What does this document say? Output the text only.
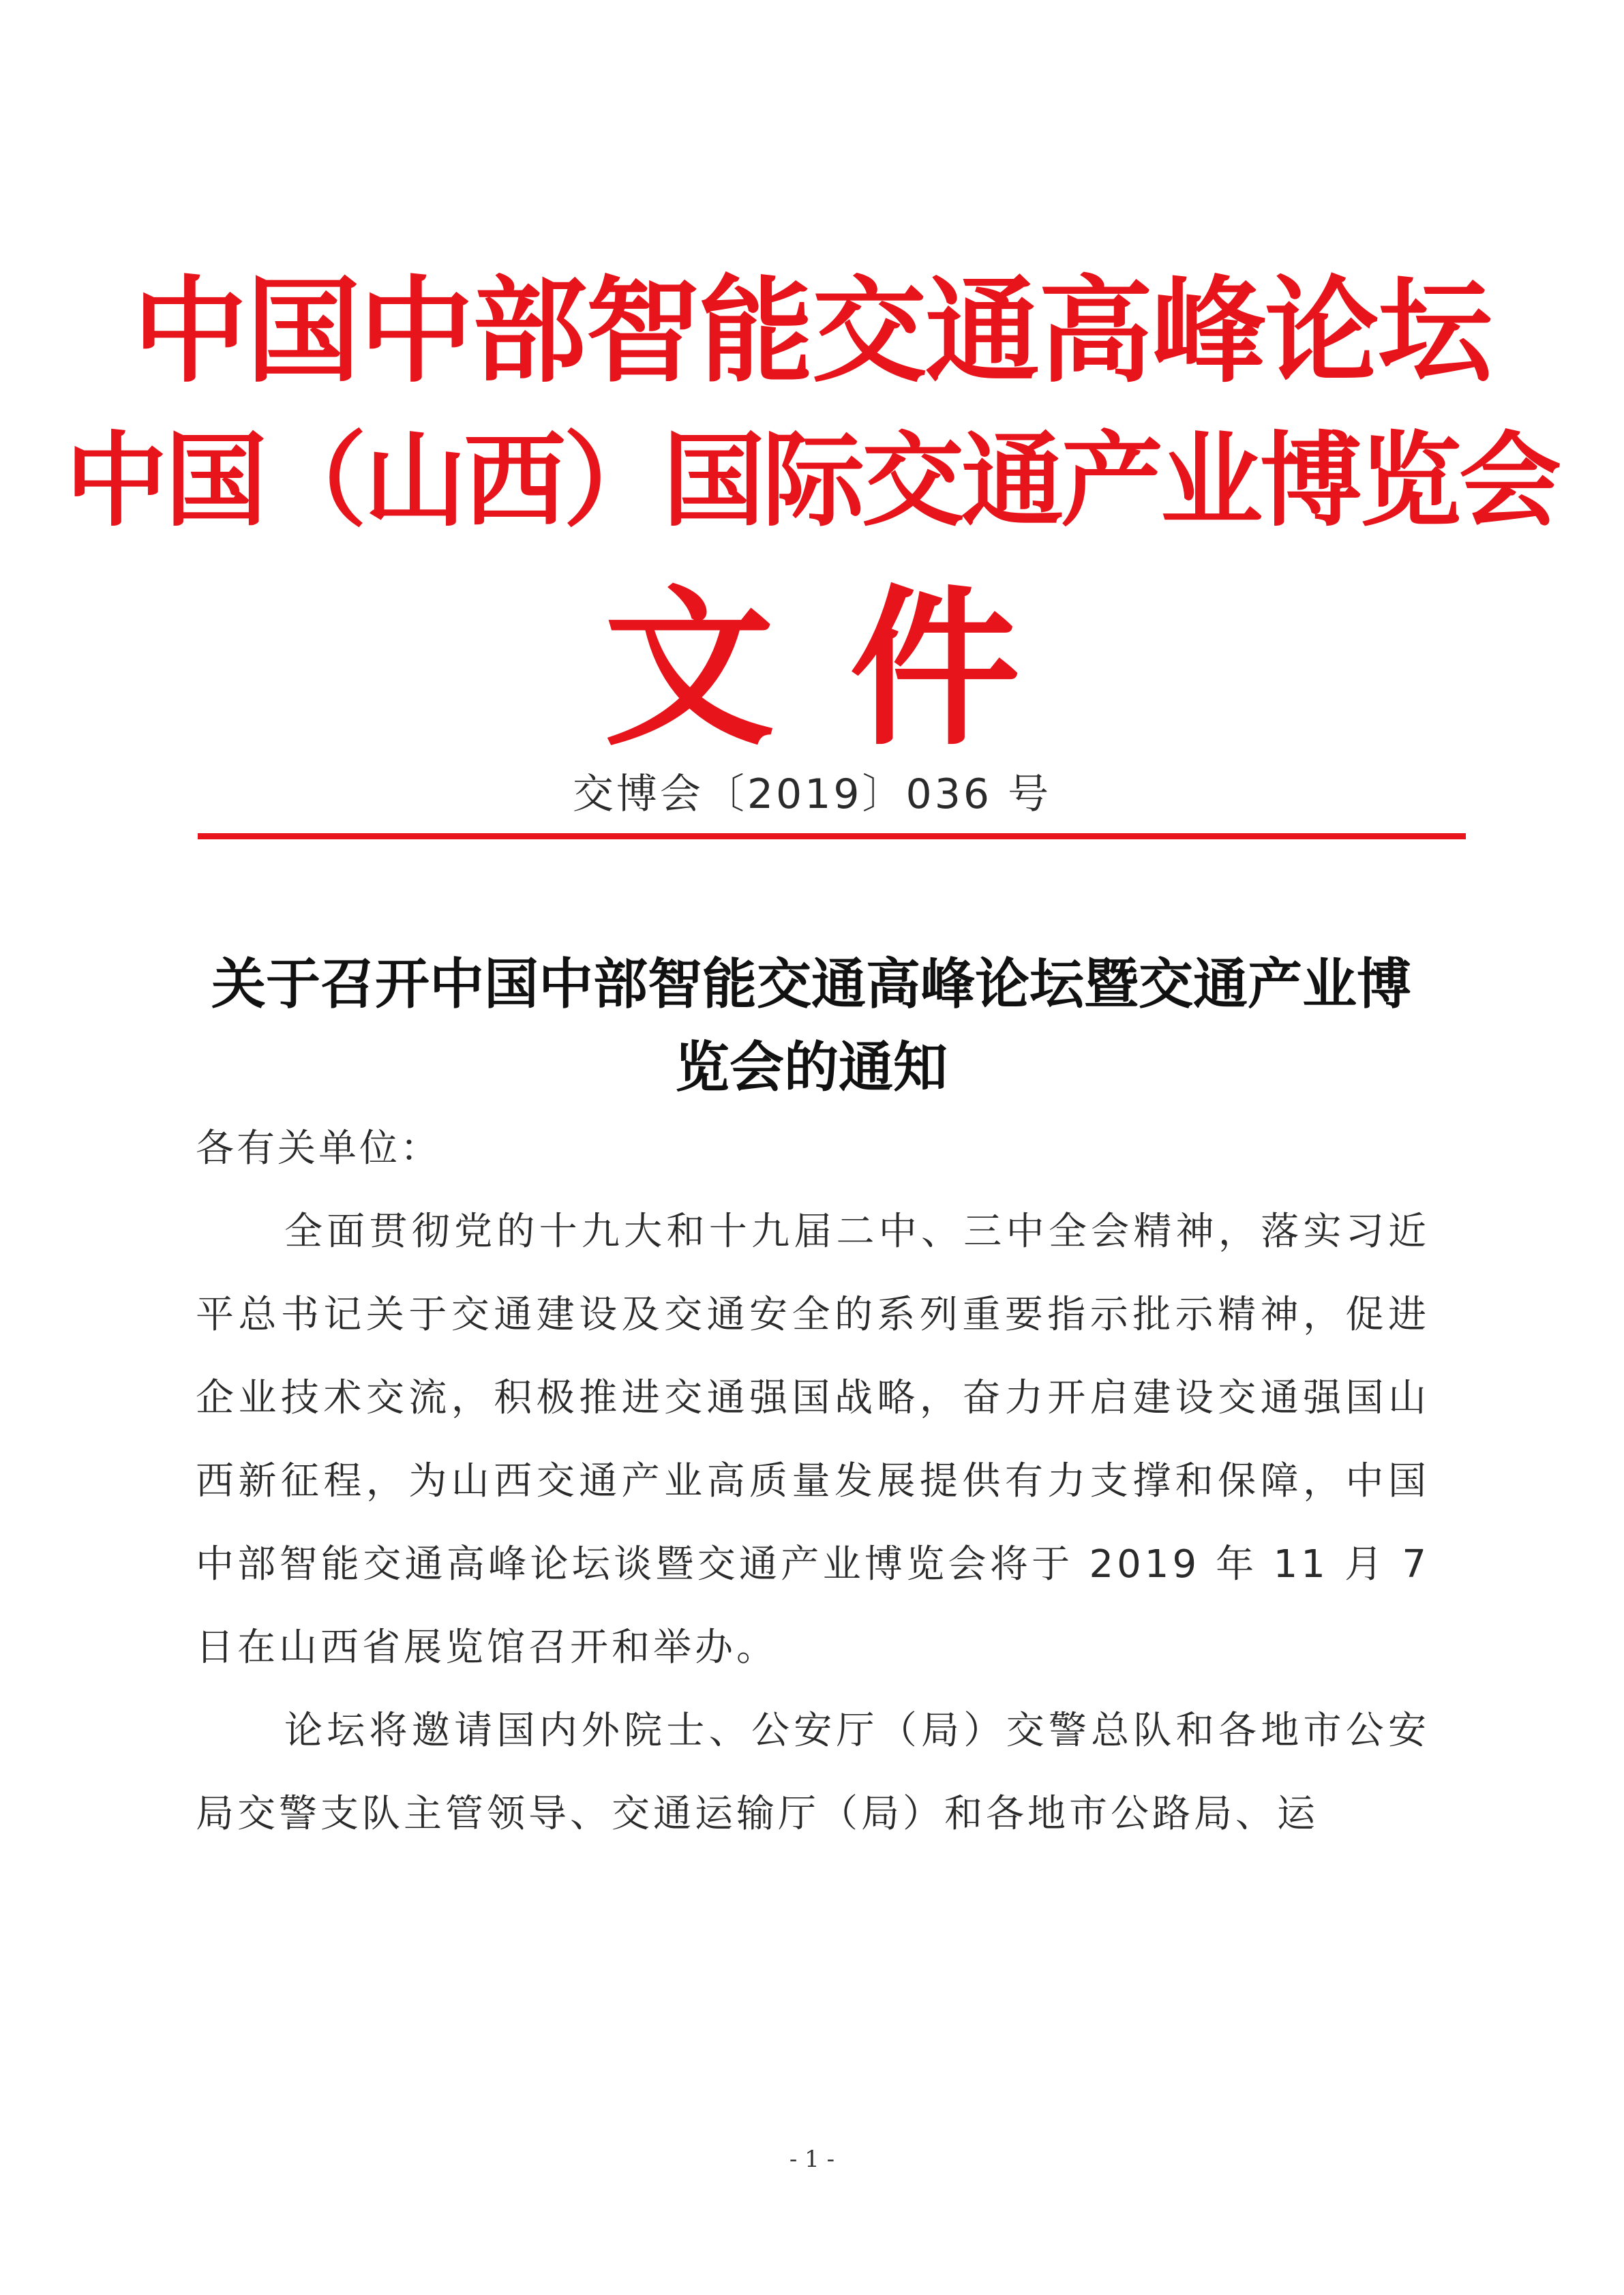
中国中部智能交通高峰论坛
中国（山西）国际交通产业博览会
文件
交博会〔2019〕036 号
关于召开中国中部智能交通高峰论坛暨交通产业博览会的通知
各有关单位：

全面贯彻党的十九大和十九届二中、三中全会精神，落实习近平总书记关于交通建设及交通安全的系列重要指示批示精神，促进企业技术交流，积极推进交通强国战略，奋力开启建设交通强国山西新征程，为山西交通产业高质量发展提供有力支撑和保障，中国中部智能交通高峰论坛谈暨交通产业博览会将于 2019 年 11 月 7 日在山西省展览馆召开和举办。

论坛将邀请国内外院士、公安厅（局）交警总队和各地市公安局交警支队主管领导、交通运输厅（局）和各地市公路局、运

- 1 -
